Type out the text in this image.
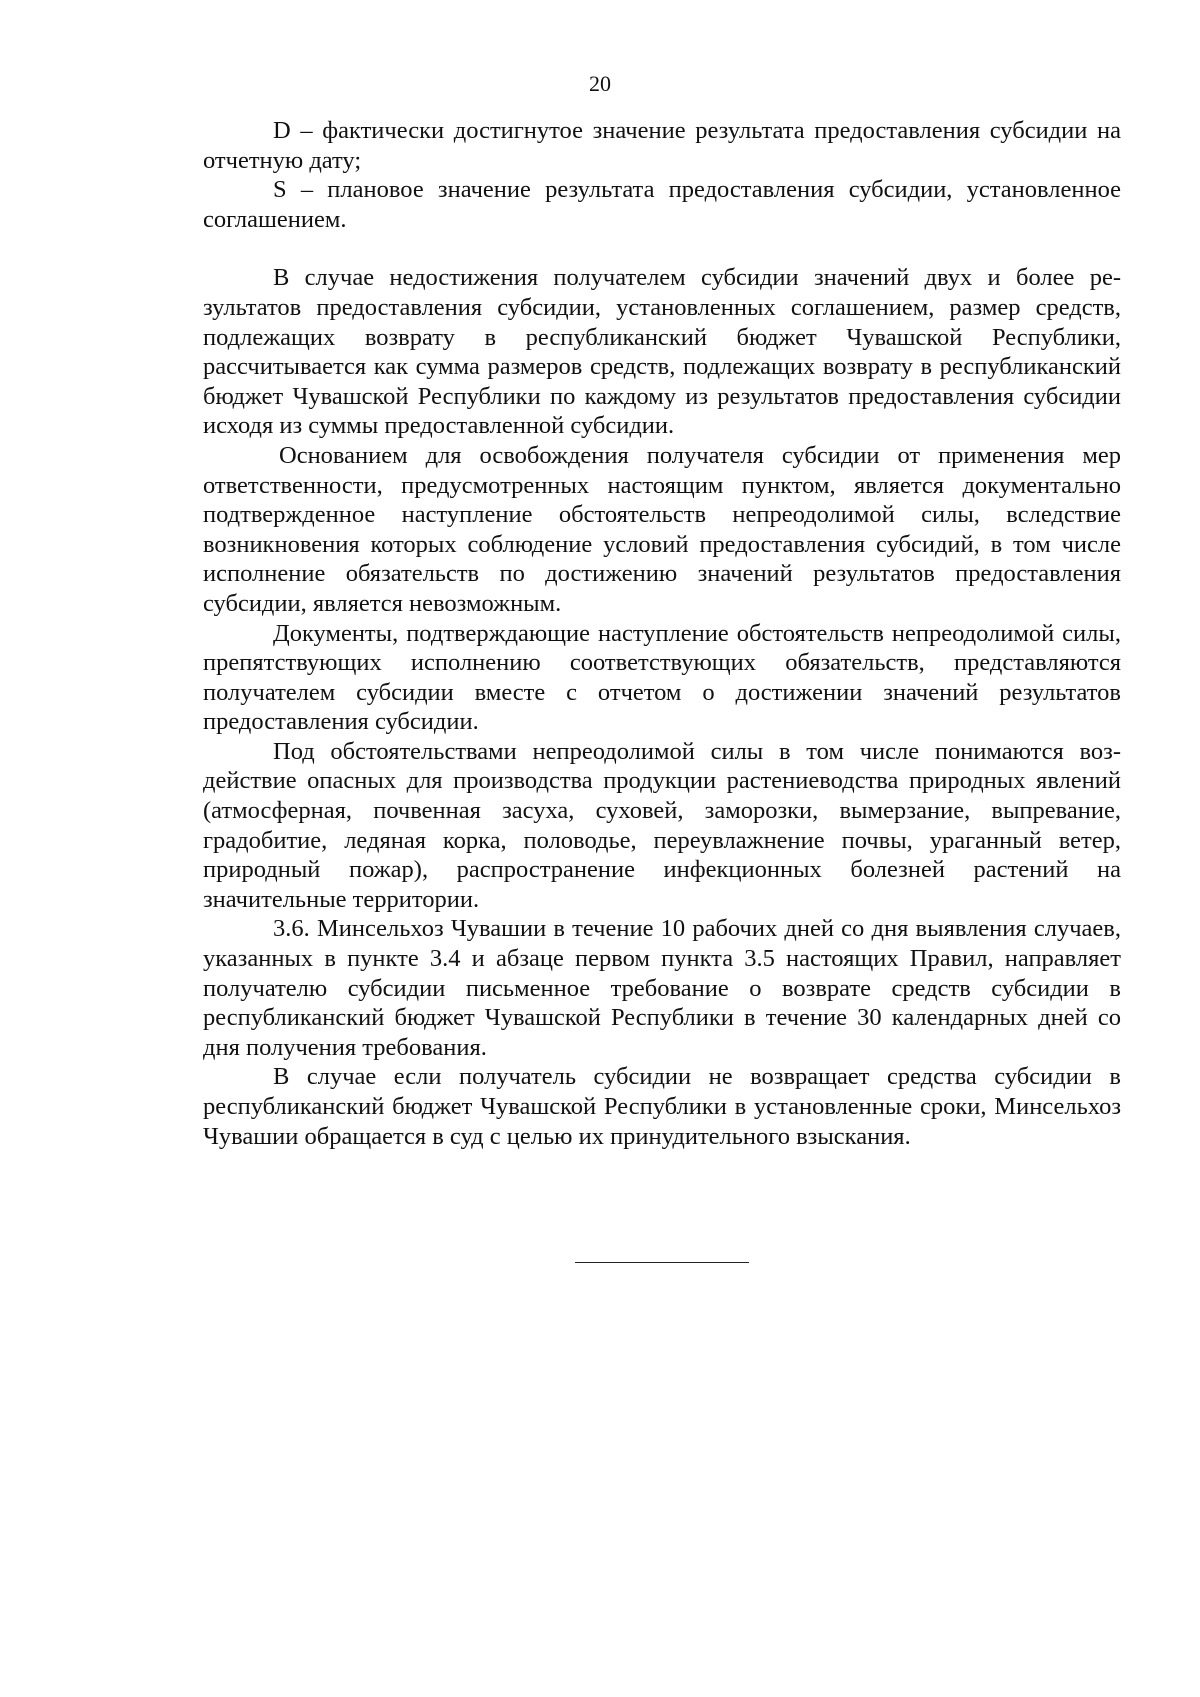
20

D – фактически достигнутое значение результата предоставления субсидии на отчетную дату;

S – плановое значение результата предоставления субсидии, установленное соглашением.

В случае недостижения получателем субсидии значений двух и более результатов предоставления субсидии, установленных соглашением, размер средств, подлежащих возврату в республиканский бюджет Чувашской Республики, рассчитывается как сумма размеров средств, подлежащих возврату в республиканский бюджет Чувашской Республики по каждому из результатов предоставления субсидии исходя из суммы предоставленной субсидии.

Основанием для освобождения получателя субсидии от применения мер ответственности, предусмотренных настоящим пунктом, является документально подтвержденное наступление обстоятельств непреодолимой силы, вследствие возникновения которых соблюдение условий предоставления субсидий, в том числе исполнение обязательств по достижению значений результатов предоставления субсидии, является невозможным.

Документы, подтверждающие наступление обстоятельств непреодолимой силы, препятствующих исполнению соответствующих обязательств, представляются получателем субсидии вместе с отчетом о достижении значений результатов предоставления субсидии.

Под обстоятельствами непреодолимой силы в том числе понимаются воздействие опасных для производства продукции растениеводства природных явлений (атмосферная, почвенная засуха, суховей, заморозки, вымерзание, выпревание, градобитие, ледяная корка, половодье, переувлажнение почвы, ураганный ветер, природный пожар), распространение инфекционных болезней растений на значительные территории.

3.6. Минсельхоз Чувашии в течение 10 рабочих дней со дня выявления случаев, указанных в пункте 3.4 и абзаце первом пункта 3.5 настоящих Правил, направляет получателю субсидии письменное требование о возврате средств субсидии в республиканский бюджет Чувашской Республики в течение 30 календарных дней со дня получения требования.

В случае если получатель субсидии не возвращает средства субсидии в республиканский бюджет Чувашской Республики в установленные сроки, Минсельхоз Чувашии обращается в суд с целью их принудительного взыскания.
